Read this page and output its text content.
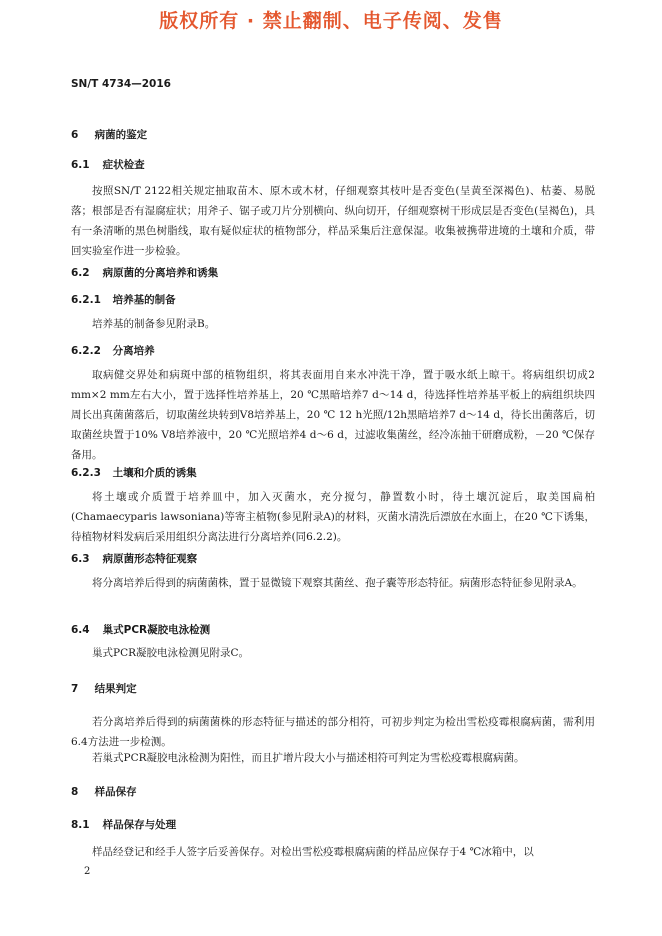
版权所有 · 禁止翻制、电子传阅、发售
SN/T 4734—2016
6 病菌的鉴定
6.1 症状检查
按照SN/T 2122相关规定抽取苗木、原木或木材，仔细观察其枝叶是否变色(呈黄至深褐色)、枯萎、易脱落；根部是否有湿腐症状；用斧子、锯子或刀片分别横向、纵向切开，仔细观察树干形成层是否变色(呈褐色)，具有一条清晰的黑色树脂线，取有疑似症状的植物部分，样品采集后注意保湿。收集被携带进境的土壤和介质，带回实验室作进一步检验。
6.2 病原菌的分离培养和诱集
6.2.1 培养基的制备
培养基的制备参见附录B。
6.2.2 分离培养
取病健交界处和病斑中部的植物组织，将其表面用自来水冲洗干净，置于吸水纸上晾干。将病组织切成2 mm×2 mm左右大小，置于选择性培养基上，20 ℃黑暗培养7 d～14 d，待选择性培养基平板上的病组织块四周长出真菌菌落后，切取菌丝块转到V8培养基上，20 ℃ 12 h光照/12h黑暗培养7 d～14 d，待长出菌落后，切取菌丝块置于10% V8培养液中，20 ℃光照培养4 d～6 d，过滤收集菌丝，经冷冻抽干研磨成粉，－20 ℃保存备用。
6.2.3 土壤和介质的诱集
将土壤或介质置于培养皿中，加入灭菌水，充分搅匀，静置数小时，待土壤沉淀后，取美国扁柏(Chamaecyparis lawsoniana)等寄主植物(参见附录A)的材料，灭菌水清洗后漂放在水面上，在20 ℃下诱集，待植物材料发病后采用组织分离法进行分离培养(同6.2.2)。
6.3 病原菌形态特征观察
将分离培养后得到的病菌菌株，置于显微镜下观察其菌丝、孢子囊等形态特征。病菌形态特征参见附录A。
6.4 巢式PCR凝胶电泳检测
巢式PCR凝胶电泳检测见附录C。
7 结果判定
若分离培养后得到的病菌菌株的形态特征与描述的部分相符，可初步判定为检出雪松疫霉根腐病菌，需利用6.4方法进一步检测。
若巢式PCR凝胶电泳检测为阳性，而且扩增片段大小与描述相符可判定为雪松疫霉根腐病菌。
8 样品保存
8.1 样品保存与处理
样品经登记和经手人签字后妥善保存。对检出雪松疫霉根腐病菌的样品应保存于4 ℃冰箱中，以
2
